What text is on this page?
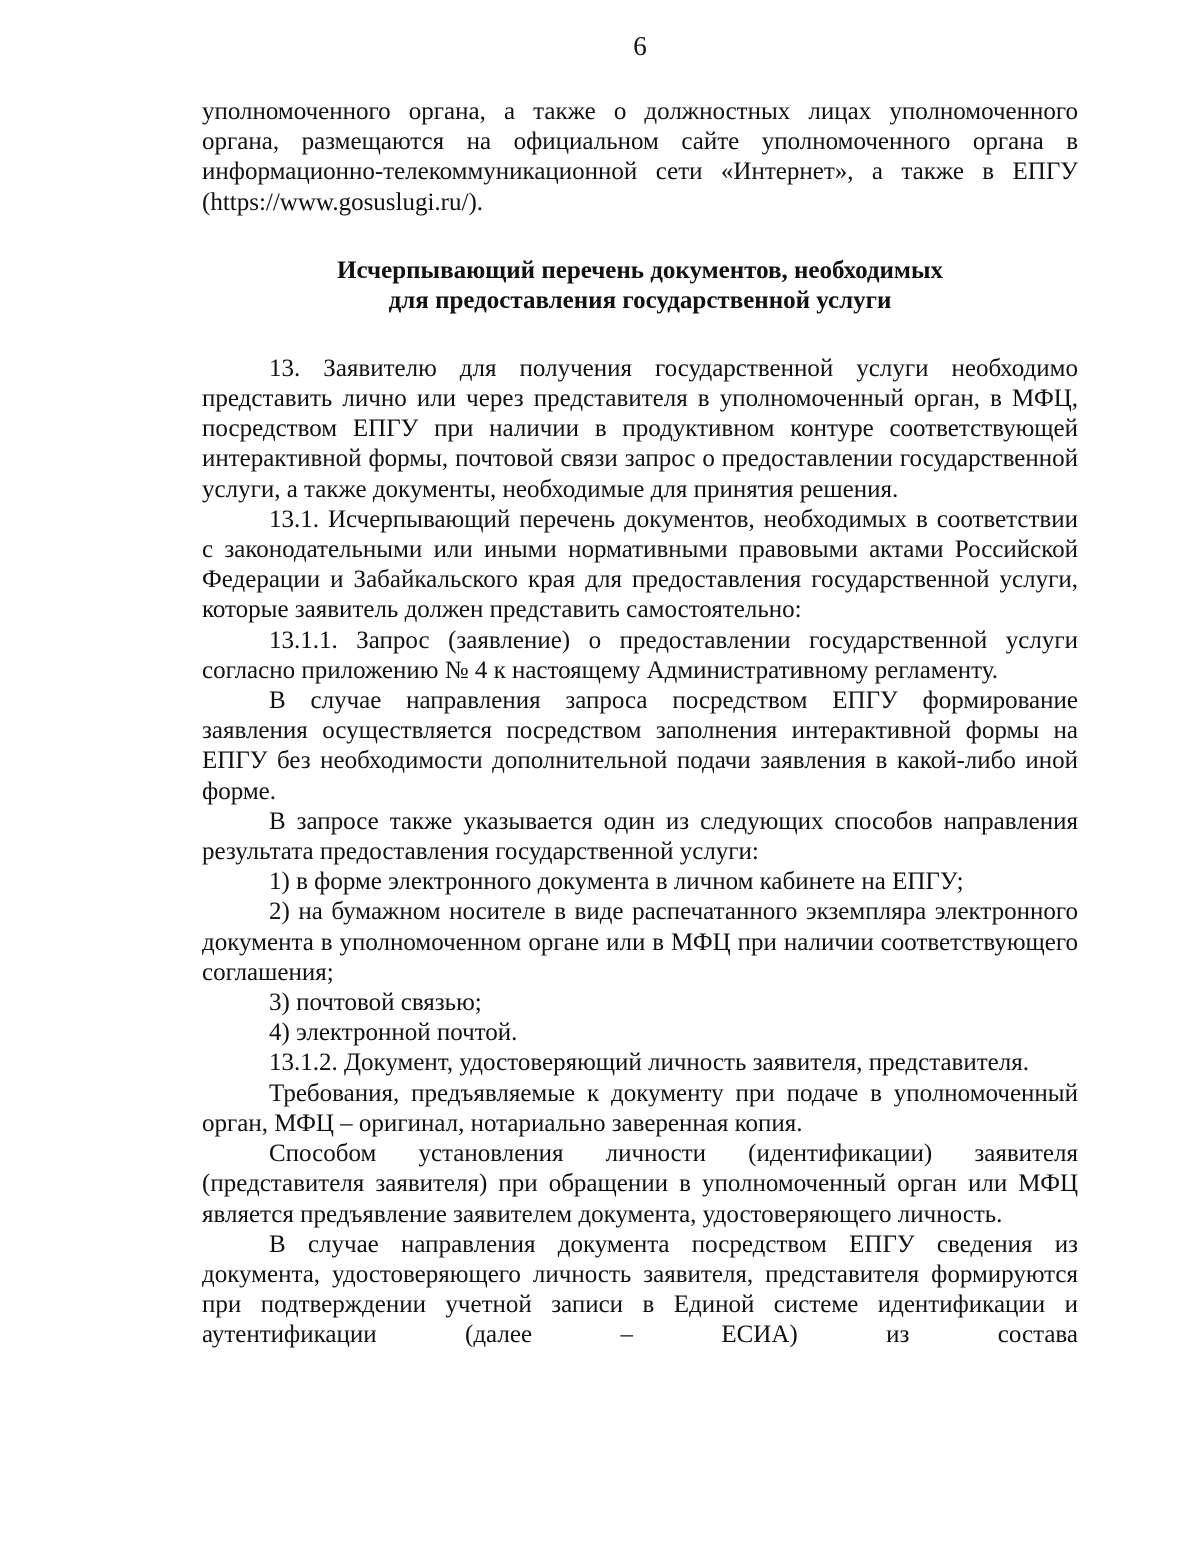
6
уполномоченного органа, а также о должностных лицах уполномоченного
органа, размещаются на официальном сайте уполномоченного органа в
информационно-телекоммуникационной сети «Интернет», а также в ЕПГУ
(https://www.gosuslugi.ru/).
Исчерпывающий перечень документов, необходимых
для предоставления государственной услуги

13. Заявителю для получения государственной услуги необходимо представить лично или через представителя в уполномоченный орган, в МФЦ, посредством ЕПГУ при наличии в продуктивном контуре соответствующей интерактивной формы, почтовой связи запрос о предоставлении государственной услуги, а также документы, необходимые для принятия решения.

13.1. Исчерпывающий перечень документов, необходимых в соответствии с законодательными или иными нормативными правовыми актами Российской Федерации и Забайкальского края для предоставления государственной услуги, которые заявитель должен представить самостоятельно:

13.1.1. Запрос (заявление) о предоставлении государственной услуги согласно приложению № 4 к настоящему Административному регламенту.

В случае направления запроса посредством ЕПГУ формирование заявления осуществляется посредством заполнения интерактивной формы на ЕПГУ без необходимости дополнительной подачи заявления в какой-либо иной форме.

В запросе также указывается один из следующих способов направления результата предоставления государственной услуги:

1) в форме электронного документа в личном кабинете на ЕПГУ;

2) на бумажном носителе в виде распечатанного экземпляра электронного документа в уполномоченном органе или в МФЦ при наличии соответствующего соглашения;

3) почтовой связью;

4) электронной почтой.

13.1.2. Документ, удостоверяющий личность заявителя, представителя.

Требования, предъявляемые к документу при подаче в уполномоченный орган, МФЦ – оригинал, нотариально заверенная копия.

Способом установления личности (идентификации) заявителя (представителя заявителя) при обращении в уполномоченный орган или МФЦ является предъявление заявителем документа, удостоверяющего личность.

В случае направления документа посредством ЕПГУ сведения из документа, удостоверяющего личность заявителя, представителя формируются при подтверждении учетной записи в Единой системе идентификации и аутентификации (далее – ЕСИА) из состава
